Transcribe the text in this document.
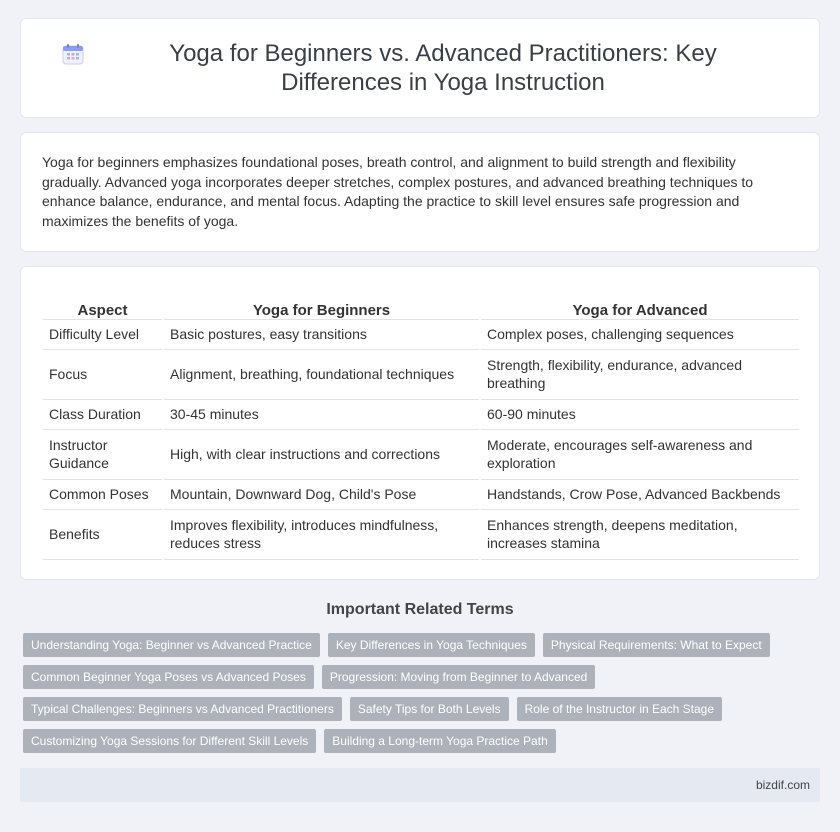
Yoga for Beginners vs. Advanced Practitioners: Key Differences in Yoga Instruction

Yoga for beginners emphasizes foundational poses, breath control, and alignment to build strength and flexibility gradually. Advanced yoga incorporates deeper stretches, complex postures, and advanced breathing techniques to enhance balance, endurance, and mental focus. Adapting the practice to skill level ensures safe progression and maximizes the benefits of yoga.

Aspect	Yoga for Beginners	Yoga for Advanced
Difficulty Level	Basic postures, easy transitions	Complex poses, challenging sequences
Focus	Alignment, breathing, foundational techniques	Strength, flexibility, endurance, advanced breathing
Class Duration	30-45 minutes	60-90 minutes
Instructor Guidance	High, with clear instructions and corrections	Moderate, encourages self-awareness and exploration
Common Poses	Mountain, Downward Dog, Child's Pose	Handstands, Crow Pose, Advanced Backbends
Benefits	Improves flexibility, introduces mindfulness, reduces stress	Enhances strength, deepens meditation, increases stamina
Important Related Terms
Understanding Yoga: Beginner vs Advanced Practice	Key Differences in Yoga Techniques	Physical Requirements: What to Expect
Common Beginner Yoga Poses vs Advanced Poses	Progression: Moving from Beginner to Advanced
Typical Challenges: Beginners vs Advanced Practitioners	Safety Tips for Both Levels	Role of the Instructor in Each Stage
Customizing Yoga Sessions for Different Skill Levels	Building a Long-term Yoga Practice Path
bizdif.com
